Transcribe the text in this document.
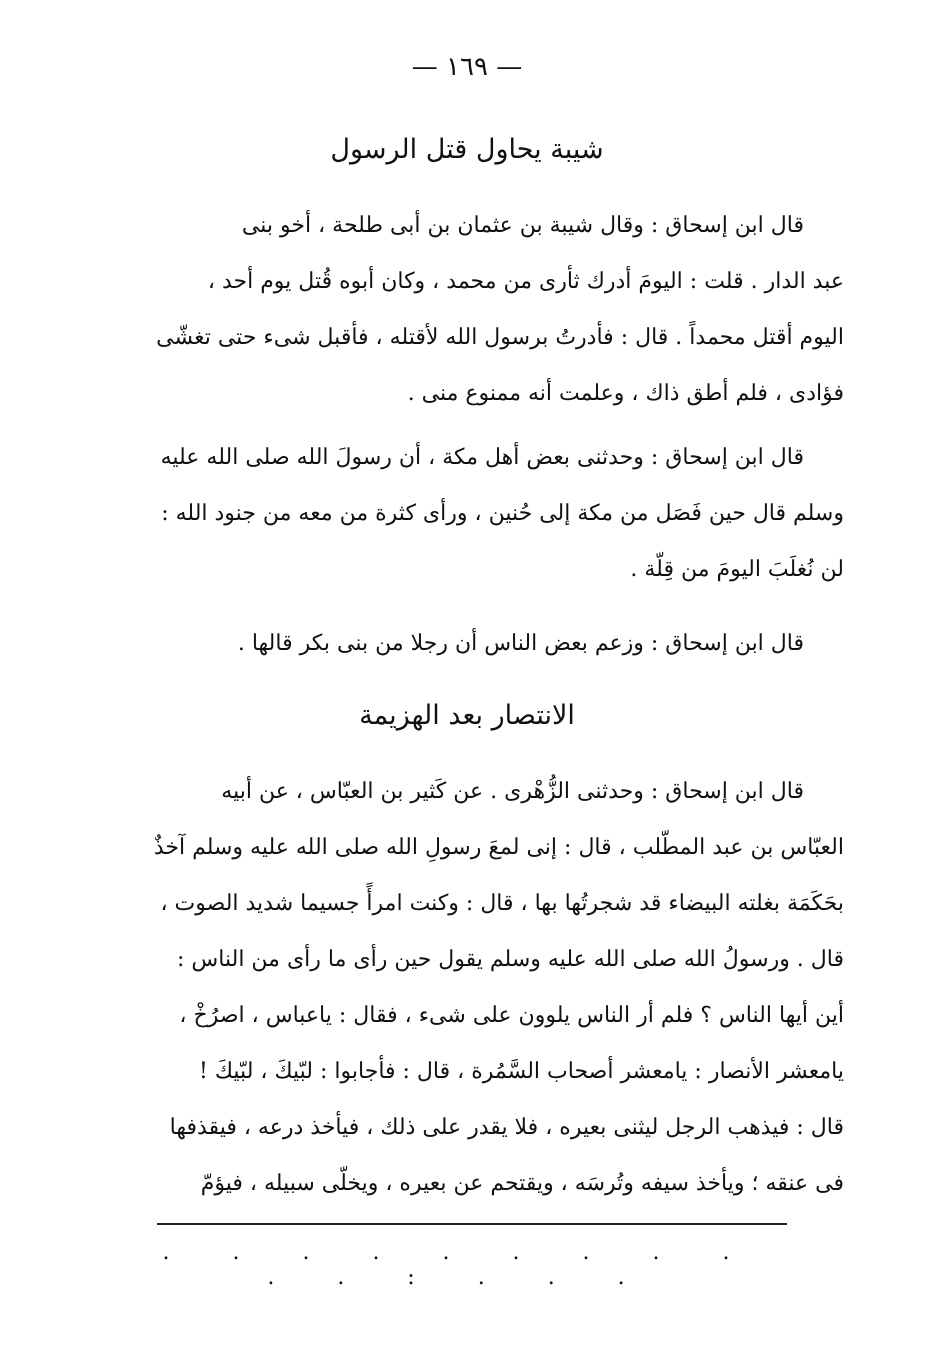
— ١٦٩ —
شيبة يحاول قتل الرسول
قال ابن إسحاق : وقال شيبة بن عثمان بن أبى طلحة ، أخو بنى
عبد الدار . قلت : اليومَ أدرك ثأرى من محمد ، وكان أبوه قُتل يوم أحد ،
اليوم أقتل محمداً . قال : فأدرتُ برسول الله لأقتله ، فأقبل شىء حتى تغشّى
فؤادى ، فلم أطق ذاك ، وعلمت أنه ممنوع منى .
قال ابن إسحاق : وحدثنى بعض أهل مكة ، أن رسولَ الله صلى الله عليه
وسلم قال حين فَصَل من مكة إلى حُنين ، ورأى كثرة من معه من جنود الله :
لن نُغلَبَ اليومَ من قِلّة .
قال ابن إسحاق : وزعم بعض الناس أن رجلا من بنى بكر قالها .
الانتصار بعد الهزيمة
قال ابن إسحاق : وحدثنى الزُّهْرى . عن كَثير بن العبّاس ، عن أبيه
العبّاس بن عبد المطّلب ، قال : إنى لمعَ رسولِ الله صلى الله عليه وسلم آخذٌ
بحَكَمَة بغلته البيضاء قد شجرتُها بها ، قال : وكنت امرأً جسيما شديد الصوت ،
قال . ورسولُ الله صلى الله عليه وسلم يقول حين رأى ما رأى من الناس :
أين أيها الناس ؟ فلم أر الناس يلوون على شىء ، فقال : ياعباس ، اصرُخْ ،
يامعشر الأنصار : يامعشر أصحاب السَّمُرة ، قال : فأجابوا : لبّيكَ ، لبّيكَ !
قال : فيذهب الرجل ليثنى بعيره ، فلا يقدر على ذلك ، فيأخذ درعه ، فيقذفها
فى عنقه ؛ ويأخذ سيفه وتُرسَه ، ويقتحم عن بعيره ، ويخلّى سبيله ، فيؤمّ
. . . . . . . . . . . : . . .
